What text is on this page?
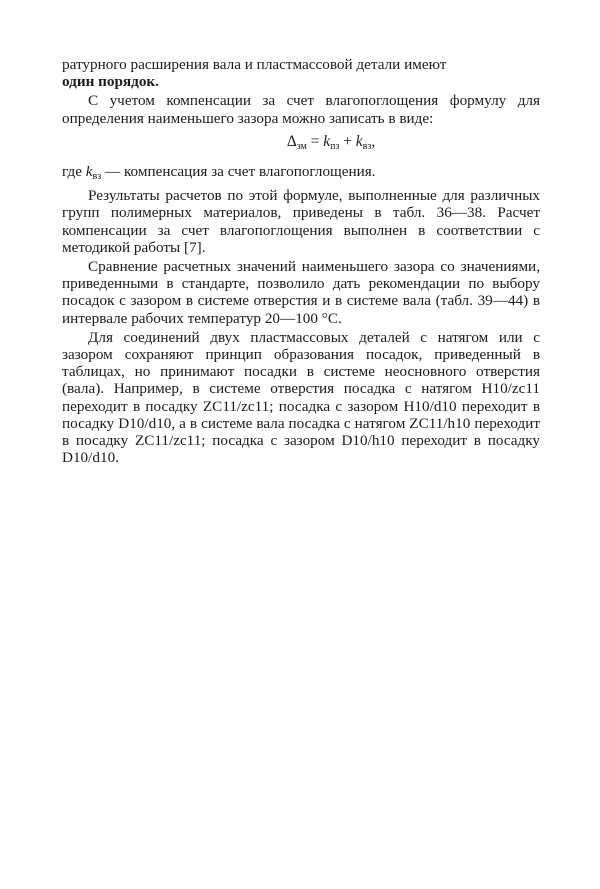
ратурного расширения вала и пластмассовой детали имеют
один порядок.

С учетом компенсации за счет влагопоглощения формулу для определения наименьшего зазора можно записать в виде:

$\Delta_{зм} = k_{пз} + k_{вз}$,

где $k_{вз}$ — компенсация за счет влагопоглощения.

Результаты расчетов по этой формуле, выполненные для различных групп полимерных материалов, приведены в табл. 36—38. Расчет компенсации за счет влагопоглощения выполнен в соответствии с методикой работы [7].

Сравнение расчетных значений наименьшего зазора со значениями, приведенными в стандарте, позволило дать рекомендации по выбору посадок с зазором в системе отверстия и в системе вала (табл. 39—44) в интервале рабочих температур 20—100 °С.

Для соединений двух пластмассовых деталей с натягом или с зазором сохраняют принцип образования посадок, приведенный в таблицах, но принимают посадки в системе неосновного отверстия (вала). Например, в системе отверстия посадка с натягом H10/zc11 переходит в посадку ZC11/zc11; посадка с зазором H10/d10 переходит в посадку D10/d10, а в системе вала посадка с натягом ZC11/h10 переходит в посадку ZC11/zc11; посадка с зазором D10/h10 переходит в посадку D10/d10.
